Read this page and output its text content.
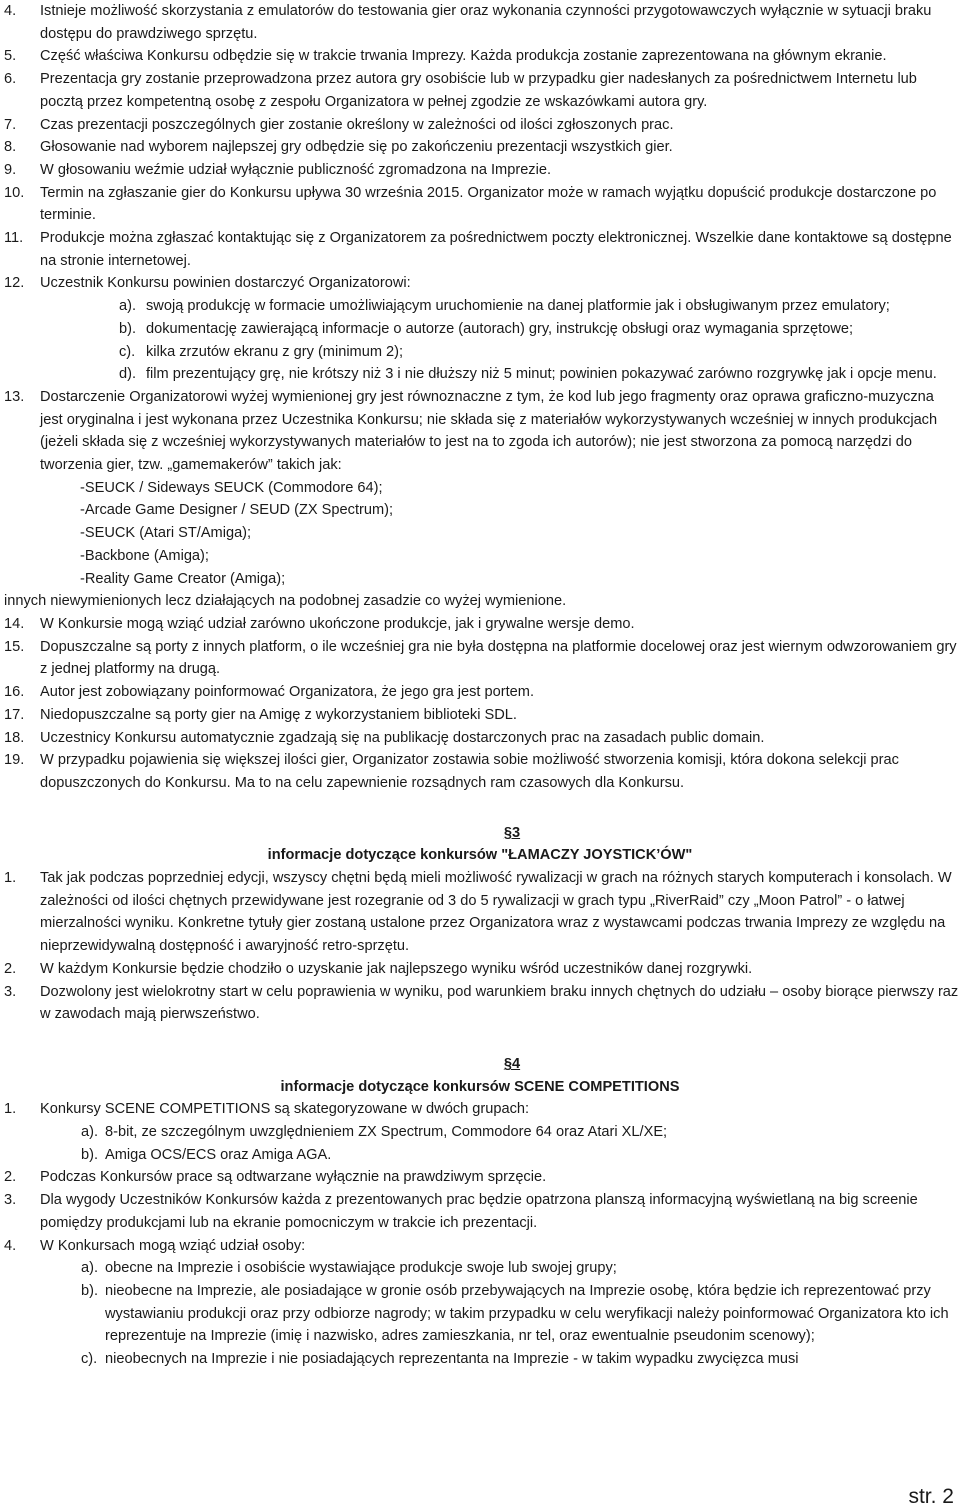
4. Istnieje możliwość skorzystania z emulatorów do testowania gier oraz wykonania czynności przygotowawczych wyłącznie w sytuacji braku dostępu do prawdziwego sprzętu.
5. Część właściwa Konkursu odbędzie się w trakcie trwania Imprezy. Każda produkcja zostanie zaprezentowana na głównym ekranie.
6. Prezentacja gry zostanie przeprowadzona przez autora gry osobiście lub w przypadku gier nadesłanych za pośrednictwem Internetu lub pocztą przez kompetentną osobę z zespołu Organizatora w pełnej zgodzie ze wskazówkami autora gry.
7. Czas prezentacji poszczególnych gier zostanie określony w zależności od ilości zgłoszonych prac.
8. Głosowanie nad wyborem najlepszej gry odbędzie się po zakończeniu prezentacji wszystkich gier.
9. W głosowaniu weźmie udział wyłącznie publiczność zgromadzona na Imprezie.
10. Termin na zgłaszanie gier do Konkursu upływa 30 września 2015. Organizator może w ramach wyjątku dopuścić produkcje dostarczone po terminie.
11. Produkcje można zgłaszać kontaktując się z Organizatorem za pośrednictwem poczty elektronicznej. Wszelkie dane kontaktowe są dostępne na stronie internetowej.
12. Uczestnik Konkursu powinien dostarczyć Organizatorowi:
a). swoją produkcję w formacie umożliwiającym uruchomienie na danej platformie jak i obsługiwanym przez emulatory;
b). dokumentację zawierającą informacje o autorze (autorach) gry, instrukcję obsługi oraz wymagania sprzętowe;
c). kilka zrzutów ekranu z gry (minimum 2);
d). film prezentujący grę, nie krótszy niż 3 i nie dłuższy niż 5 minut; powinien pokazywać zarówno rozgrywkę jak i opcje menu.
13. Dostarczenie Organizatorowi wyżej wymienionej gry jest równoznaczne z tym, że kod lub jego fragmenty oraz oprawa graficzno-muzyczna jest oryginalna i jest wykonana przez Uczestnika Konkursu; nie składa się z materiałów wykorzystywanych wcześniej w innych produkcjach (jeżeli składa się z wcześniej wykorzystywanych materiałów to jest na to zgoda ich autorów); nie jest stworzona za pomocą narzędzi do tworzenia gier, tzw. „gamemakerów” takich jak:
-SEUCK / Sideways SEUCK (Commodore 64);
-Arcade Game Designer / SEUD (ZX Spectrum);
-SEUCK (Atari ST/Amiga);
-Backbone (Amiga);
-Reality Game Creator (Amiga);
innych niewymienionych lecz działających na podobnej zasadzie co wyżej wymienione.
14. W Konkursie mogą wziąć udział zarówno ukończone produkcje, jak i grywalne wersje demo.
15. Dopuszczalne są porty z innych platform, o ile wcześniej gra nie była dostępna na platformie docelowej oraz jest wiernym odwzorowaniem gry z jednej platformy na drugą.
16. Autor jest zobowiązany poinformować Organizatora, że jego gra jest portem.
17. Niedopuszczalne są porty gier na Amigę z wykorzystaniem biblioteki SDL.
18. Uczestnicy Konkursu automatycznie zgadzają się na publikację dostarczonych prac na zasadach public domain.
19. W przypadku pojawienia się większej ilości gier, Organizator zostawia sobie możliwość stworzenia komisji, która dokona selekcji prac dopuszczonych do Konkursu. Ma to na celu zapewnienie rozsądnych ram czasowych dla Konkursu.
§3
informacje dotyczące konkursów "ŁAMACZY JOYSTICK’ÓW"
1. Tak jak podczas poprzedniej edycji, wszyscy chętni będą mieli możliwość rywalizacji w grach na różnych starych komputerach i konsolach. W zależności od ilości chętnych przewidywane jest rozegranie od 3 do 5 rywalizacji w grach typu „RiverRaid” czy „Moon Patrol” - o łatwej mierzalności wyniku. Konkretne tytuły gier zostaną ustalone przez Organizatora wraz z wystawcami podczas trwania Imprezy ze względu na nieprzewidywalną dostępność i awaryjność retro-sprzętu.
2. W każdym Konkursie będzie chodziło o uzyskanie jak najlepszego wyniku wśród uczestników danej rozgrywki.
3. Dozwolony jest wielokrotny start w celu poprawienia w wyniku, pod warunkiem braku innych chętnych do udziału – osoby biorące pierwszy raz w zawodach mają pierwszeństwo.
§4
informacje dotyczące konkursów SCENE COMPETITIONS
1. Konkursy SCENE COMPETITIONS są skategoryzowane w dwóch grupach:
a). 8-bit, ze szczególnym uwzględnieniem ZX Spectrum, Commodore 64 oraz Atari XL/XE;
b). Amiga OCS/ECS oraz Amiga AGA.
2. Podczas Konkursów prace są odtwarzane wyłącznie na prawdziwym sprzęcie.
3. Dla wygody Uczestników Konkursów każda z prezentowanych prac będzie opatrzona planszą informacyjną wyświetlaną na big screenie pomiędzy produkcjami lub na ekranie pomocniczym w trakcie ich prezentacji.
4. W Konkursach mogą wziąć udział osoby:
a). obecne na Imprezie i osobiście wystawiające produkcje swoje lub swojej grupy;
b). nieobecne na Imprezie, ale posiadające w gronie osób przebywających na Imprezie osobę, która będzie ich reprezentować przy wystawianiu produkcji oraz przy odbiorze nagrody; w takim przypadku w celu weryfikacji należy poinformować Organizatora kto ich reprezentuje na Imprezie (imię i nazwisko, adres zamieszkania, nr tel, oraz ewentualnie pseudonim scenowy);
c). nieobecnych na Imprezie i nie posiadających reprezentanta na Imprezie - w takim wypadku zwycięzca musi
str. 2
